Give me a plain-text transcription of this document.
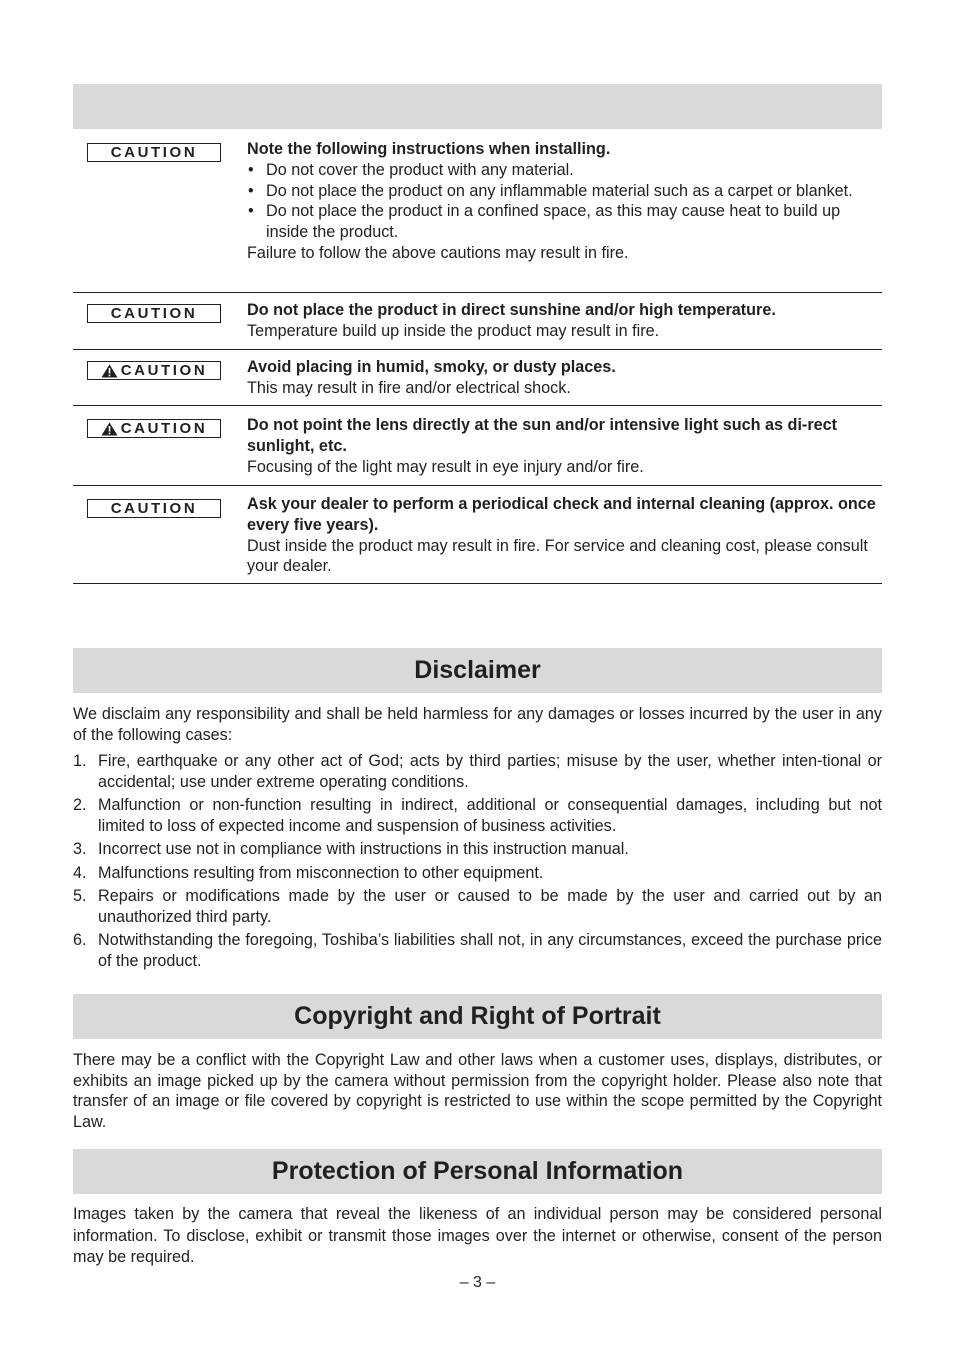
CAUTION	Note the following instructions when installing.
• Do not cover the product with any material.
• Do not place the product on any inflammable material such as a carpet or blanket.
• Do not place the product in a confined space, as this may cause heat to build up inside the product.
Failure to follow the above cautions may result in fire.
CAUTION	Do not place the product in direct sunshine and/or high temperature.
Temperature build up inside the product may result in fire.
CAUTION Avoid placing in humid, smoky, or dusty places.
This may result in fire and/or electrical shock.
CAUTION Do not point the lens directly at the sun and/or intensive light such as di-rect sunlight, etc.
Focusing of the light may result in eye injury and/or fire.
CAUTION	Ask your dealer to perform a periodical check and internal cleaning (approx. once every five years).
Dust inside the product may result in fire. For service and cleaning cost, please consult your dealer.
Disclaimer
We disclaim any responsibility and shall be held harmless for any damages or losses incurred by the user in any of the following cases:
1. Fire, earthquake or any other act of God; acts by third parties; misuse by the user, whether inten-tional or accidental; use under extreme operating conditions.
2. Malfunction or non-function resulting in indirect, additional or consequential damages, including but not limited to loss of expected income and suspension of business activities.
3. Incorrect use not in compliance with instructions in this instruction manual.
4. Malfunctions resulting from misconnection to other equipment.
5. Repairs or modifications made by the user or caused to be made by the user and carried out by an unauthorized third party.
6. Notwithstanding the foregoing, Toshiba’s liabilities shall not, in any circumstances, exceed the purchase price of the product.
Copyright and Right of Portrait
There may be a conflict with the Copyright Law and other laws when a customer uses, displays, distributes, or exhibits an image picked up by the camera without permission from the copyright holder. Please also note that transfer of an image or file covered by copyright is restricted to use within the scope permitted by the Copyright Law.
Protection of Personal Information
Images taken by the camera that reveal the likeness of an individual person may be considered personal information. To disclose, exhibit or transmit those images over the internet or otherwise, consent of the person may be required.
– 3 –
